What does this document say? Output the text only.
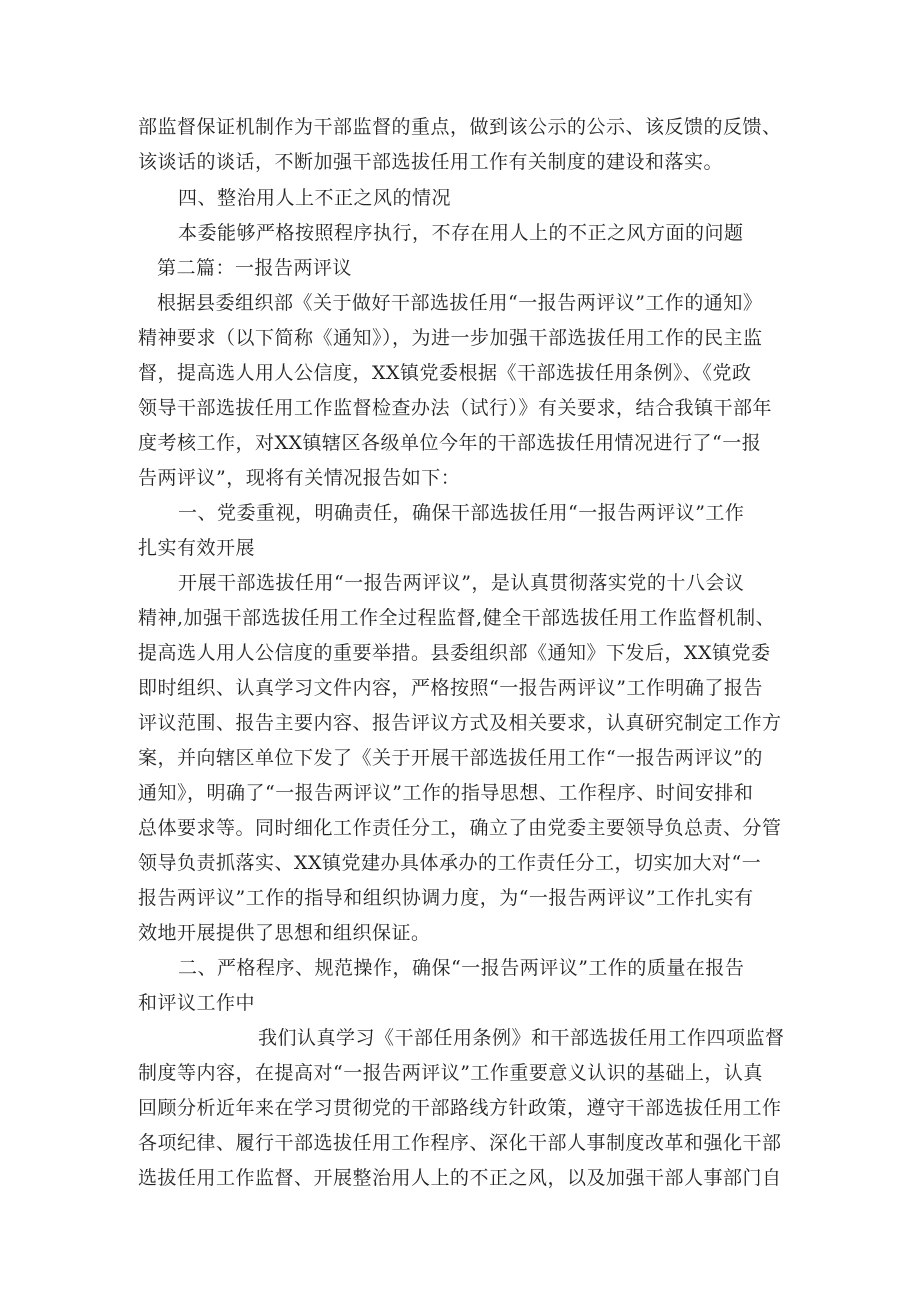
部监督保证机制作为干部监督的重点，做到该公示的公示、该反馈的反馈、
该谈话的谈话，不断加强干部选拔任用工作有关制度的建设和落实。
四、整治用人上不正之风的情况
本委能够严格按照程序执行，不存在用人上的不正之风方面的问题
第二篇：一报告两评议
根据县委组织部《关于做好干部选拔任用“一报告两评议”工作的通知》
精神要求（以下简称《通知》），为进一步加强干部选拔任用工作的民主监
督，提高选人用人公信度，XX镇党委根据《干部选拔任用条例》、《党政
领导干部选拔任用工作监督检查办法（试行）》有关要求，结合我镇干部年
度考核工作，对XX镇辖区各级单位今年的干部选拔任用情况进行了“一报
告两评议”，现将有关情况报告如下：
一、党委重视，明确责任，确保干部选拔任用“一报告两评议”工作
扎实有效开展
开展干部选拔任用“一报告两评议”，是认真贯彻落实党的十八会议
精神,加强干部选拔任用工作全过程监督,健全干部选拔任用工作监督机制、
提高选人用人公信度的重要举措。县委组织部《通知》下发后，XX镇党委
即时组织、认真学习文件内容，严格按照“一报告两评议”工作明确了报告
评议范围、报告主要内容、报告评议方式及相关要求，认真研究制定工作方
案，并向辖区单位下发了《关于开展干部选拔任用工作“一报告两评议”的
通知》，明确了“一报告两评议”工作的指导思想、工作程序、时间安排和
总体要求等。同时细化工作责任分工，确立了由党委主要领导负总责、分管
领导负责抓落实、XX镇党建办具体承办的工作责任分工，切实加大对“一
报告两评议”工作的指导和组织协调力度，为“一报告两评议”工作扎实有
效地开展提供了思想和组织保证。
二、严格程序、规范操作，确保“一报告两评议”工作的质量在报告
和评议工作中
我们认真学习《干部任用条例》和干部选拔任用工作四项监督
制度等内容，在提高对“一报告两评议”工作重要意义认识的基础上，认真
回顾分析近年来在学习贯彻党的干部路线方针政策，遵守干部选拔任用工作
各项纪律、履行干部选拔任用工作程序、深化干部人事制度改革和强化干部
选拔任用工作监督、开展整治用人上的不正之风，以及加强干部人事部门自
